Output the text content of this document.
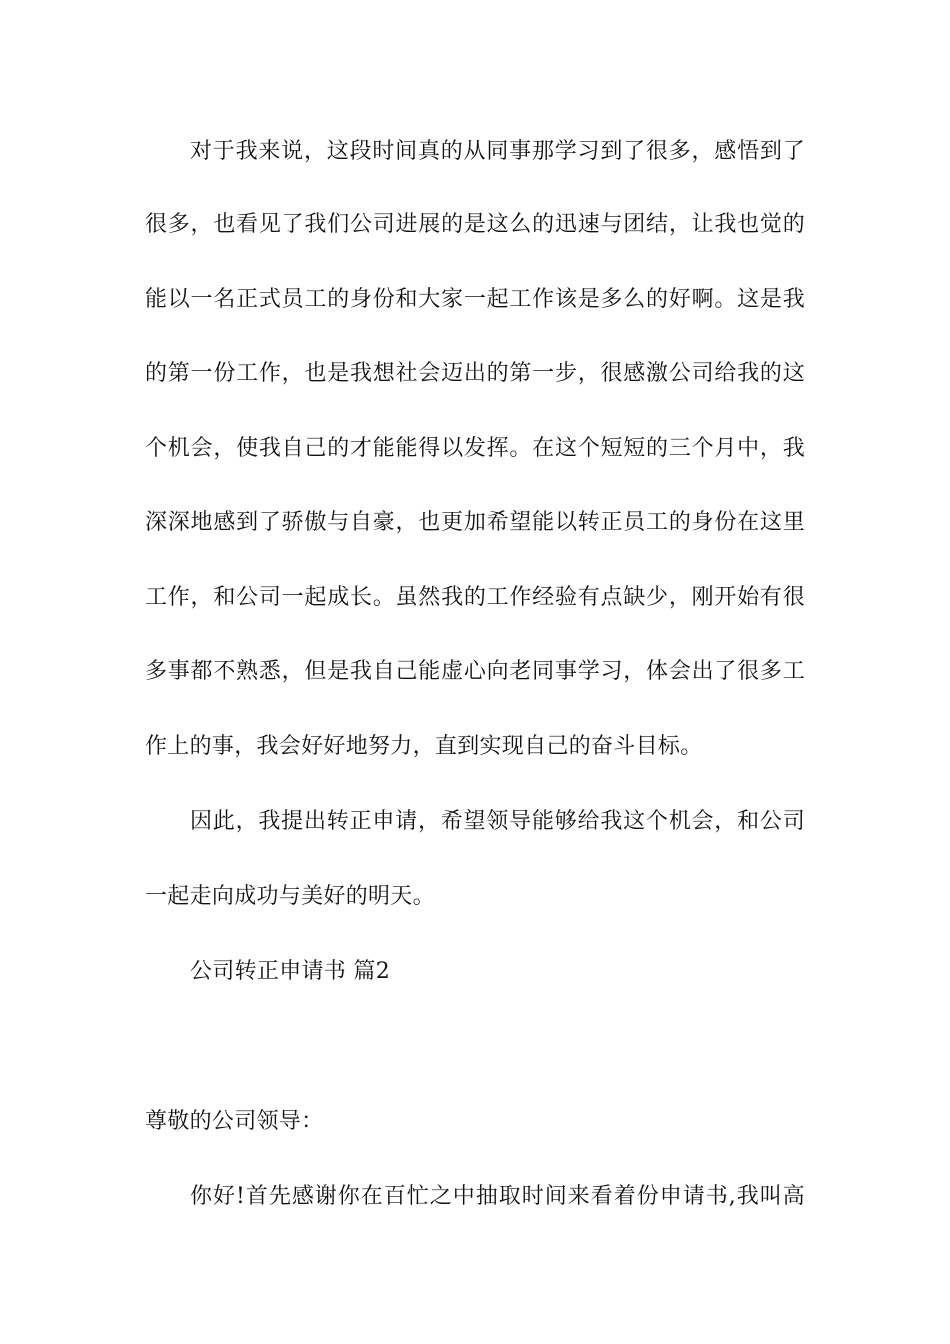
对于我来说，这段时间真的从同事那学习到了很多，感悟到了
很多，也看见了我们公司进展的是这么的迅速与团结，让我也觉的
能以一名正式员工的身份和大家一起工作该是多么的好啊。这是我
的第一份工作，也是我想社会迈出的第一步，很感激公司给我的这
个机会，使我自己的才能能得以发挥。在这个短短的三个月中，我
深深地感到了骄傲与自豪，也更加希望能以转正员工的身份在这里
工作，和公司一起成长。虽然我的工作经验有点缺少，刚开始有很
多事都不熟悉，但是我自己能虚心向老同事学习，体会出了很多工
作上的事，我会好好地努力，直到实现自己的奋斗目标。
因此，我提出转正申请，希望领导能够给我这个机会，和公司
一起走向成功与美好的明天。
公司转正申请书 篇2
尊敬的公司领导：
你好!首先感谢你在百忙之中抽取时间来看着份申请书,我叫高
